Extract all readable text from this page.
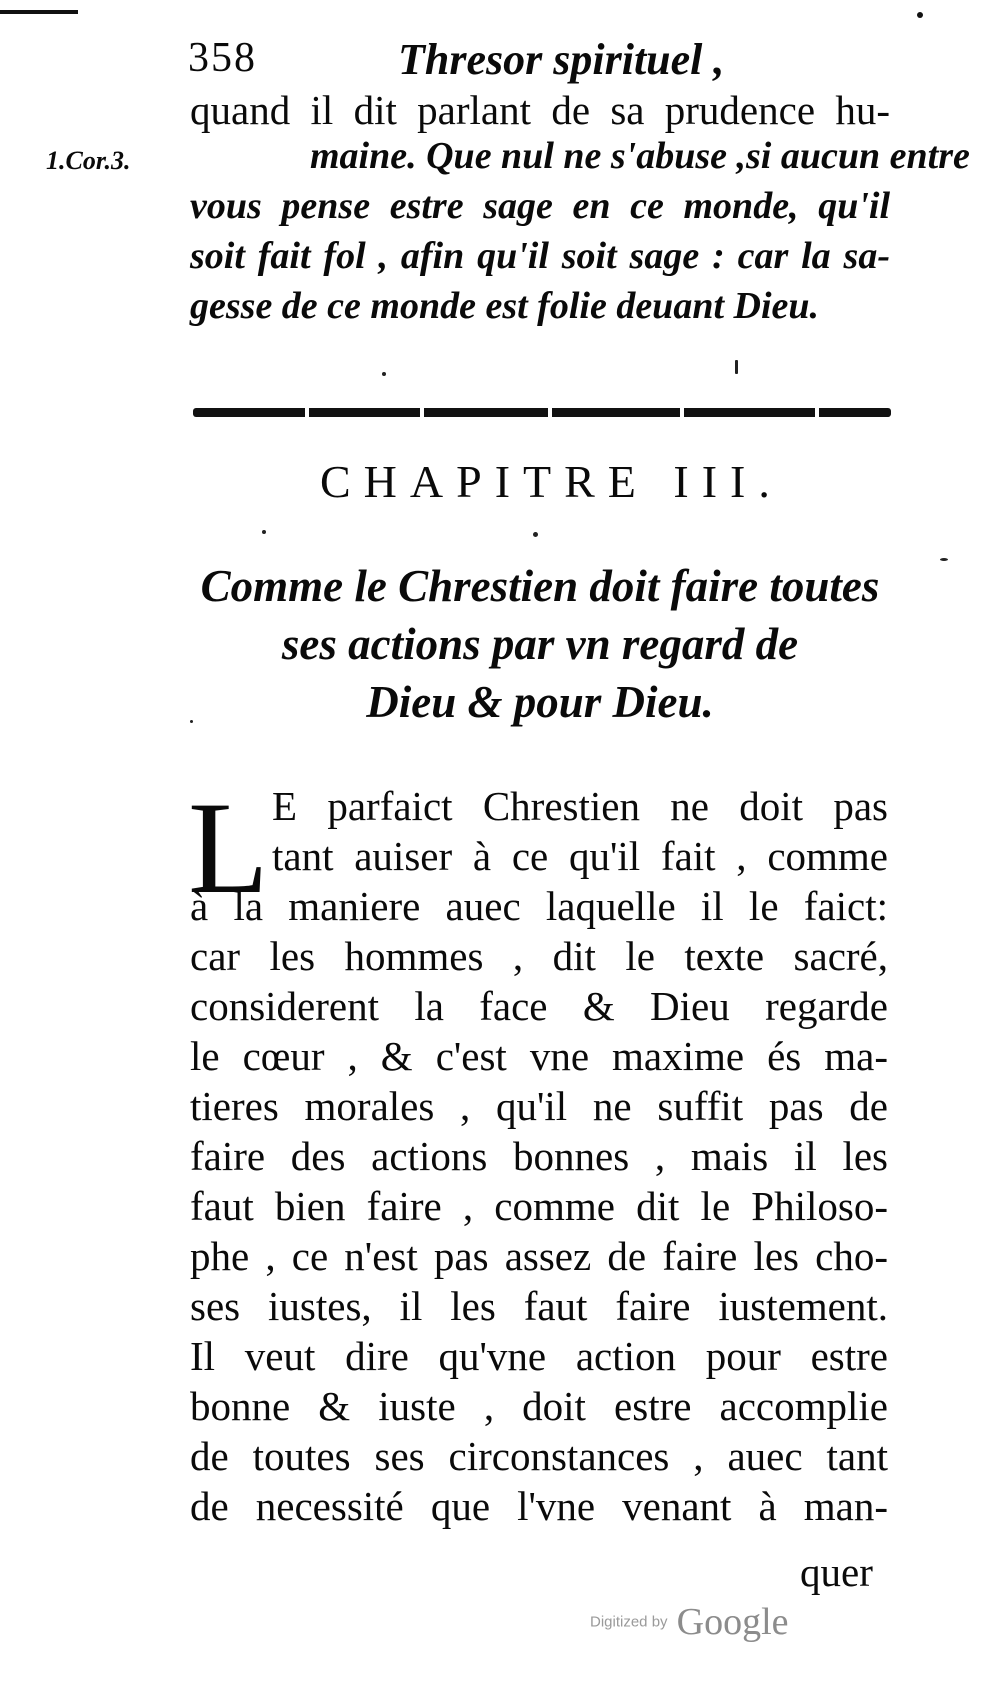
358	Thresor spirituel ,
1.Cor.3.
quand il dit parlant de sa prudence hu-
maine. Que nul ne s'abuse ,si aucun entre
vous pense estre sage en ce monde, qu'il
soit fait fol , afin qu'il soit sage : car la sa-
gesse de ce monde est folie deuant Dieu.
CHAPITRE III.
Comme le Chrestien doit faire toutes
ses actions par vn regard de
Dieu & pour Dieu.
L E parfaict Chrestien ne doit pas
tant auiser à ce qu'il fait , comme
à la maniere auec laquelle il le faict:
car les hommes , dit le texte sacré,
considerent la face & Dieu regarde
le cœur , & c'est vne maxime és ma-
tieres morales , qu'il ne suffit pas de
faire des actions bonnes , mais il les
faut bien faire , comme dit le Philoso-
phe , ce n'est pas assez de faire les cho-
ses iustes, il les faut faire iustement.
Il veut dire qu'vne action pour estre
bonne & iuste , doit estre accomplie
de toutes ses circonstances , auec tant
de necessité que l'vne venant à man-
quer
Digitized by Google
